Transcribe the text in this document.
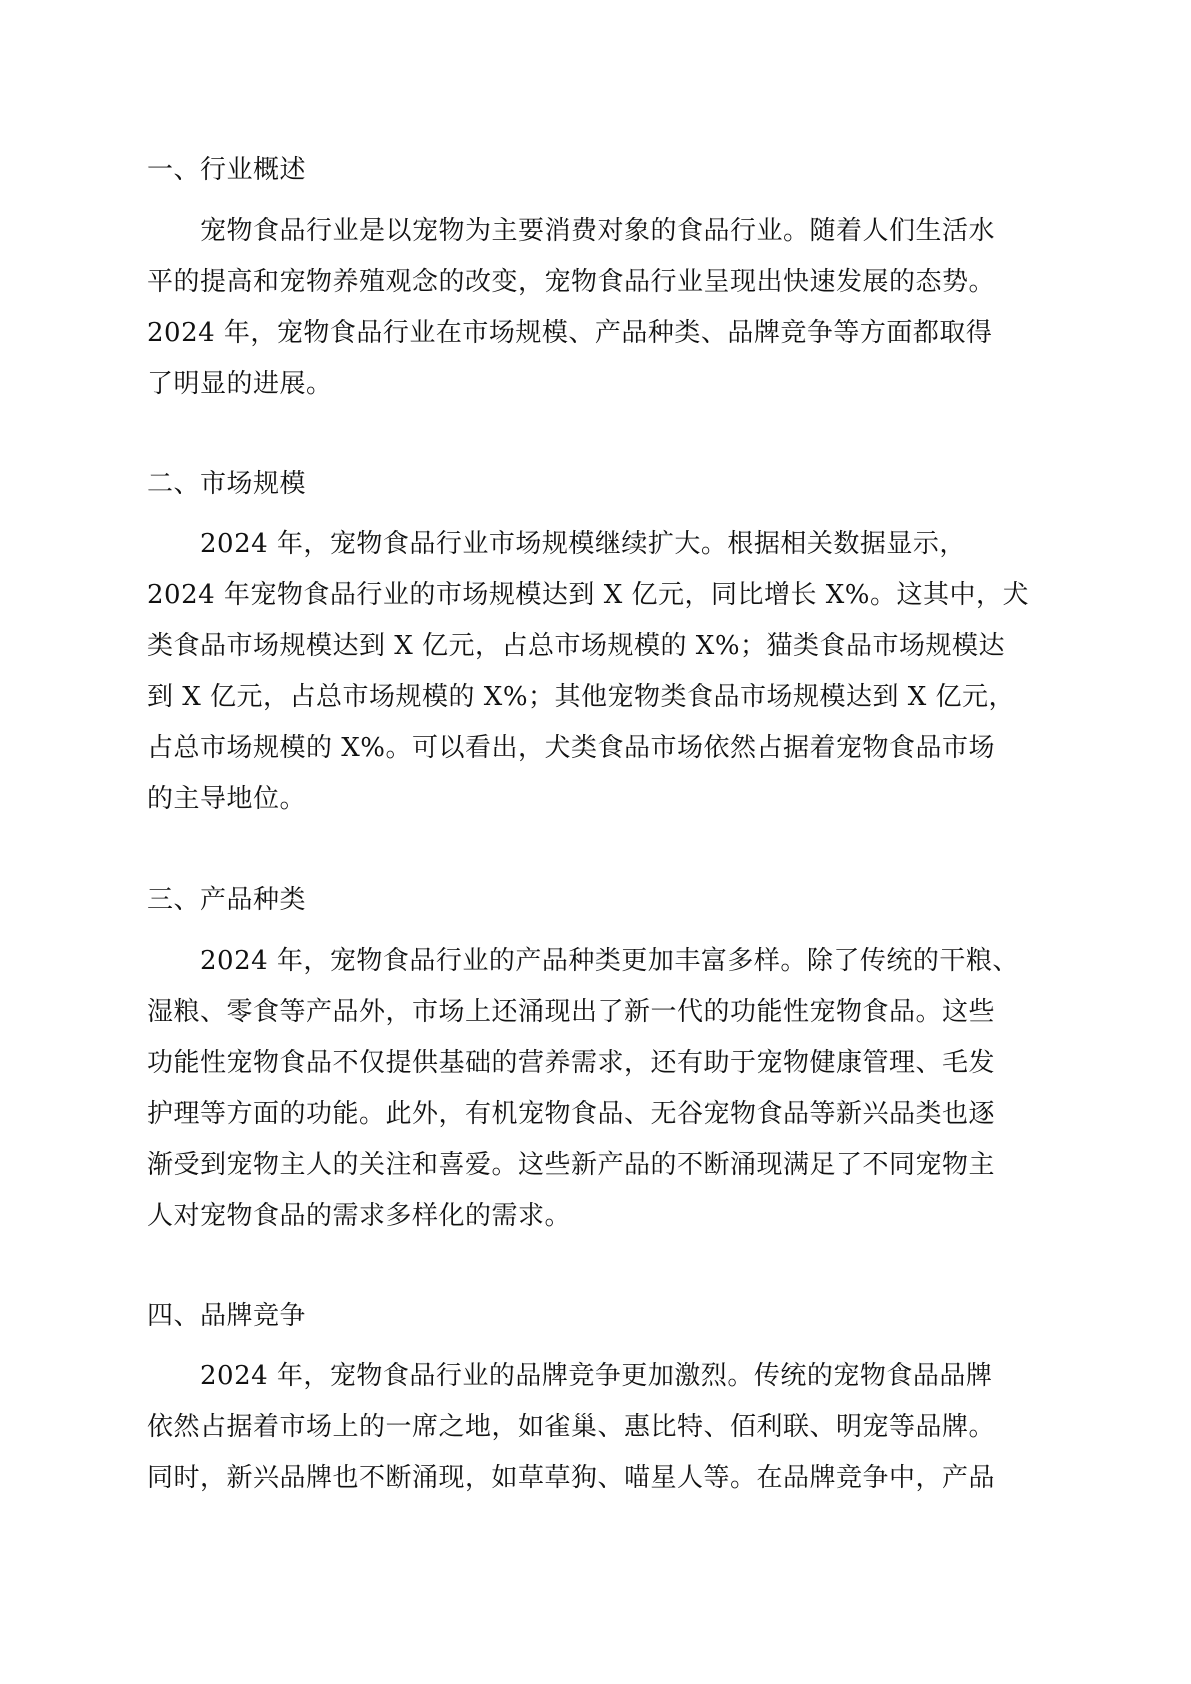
一、行业概述
宠物食品行业是以宠物为主要消费对象的食品行业。随着人们生活水
平的提高和宠物养殖观念的改变，宠物食品行业呈现出快速发展的态势。
2024 年，宠物食品行业在市场规模、产品种类、品牌竞争等方面都取得
了明显的进展。
二、市场规模
2024 年，宠物食品行业市场规模继续扩大。根据相关数据显示，
2024 年宠物食品行业的市场规模达到 X 亿元，同比增长 X%。这其中，犬
类食品市场规模达到 X 亿元，占总市场规模的 X%；猫类食品市场规模达
到 X 亿元，占总市场规模的 X%；其他宠物类食品市场规模达到 X 亿元，
占总市场规模的 X%。可以看出，犬类食品市场依然占据着宠物食品市场
的主导地位。
三、产品种类
2024 年，宠物食品行业的产品种类更加丰富多样。除了传统的干粮、
湿粮、零食等产品外，市场上还涌现出了新一代的功能性宠物食品。这些
功能性宠物食品不仅提供基础的营养需求，还有助于宠物健康管理、毛发
护理等方面的功能。此外，有机宠物食品、无谷宠物食品等新兴品类也逐
渐受到宠物主人的关注和喜爱。这些新产品的不断涌现满足了不同宠物主
人对宠物食品的需求多样化的需求。
四、品牌竞争
2024 年，宠物食品行业的品牌竞争更加激烈。传统的宠物食品品牌
依然占据着市场上的一席之地，如雀巢、惠比特、佰利联、明宠等品牌。
同时，新兴品牌也不断涌现，如草草狗、喵星人等。在品牌竞争中，产品
